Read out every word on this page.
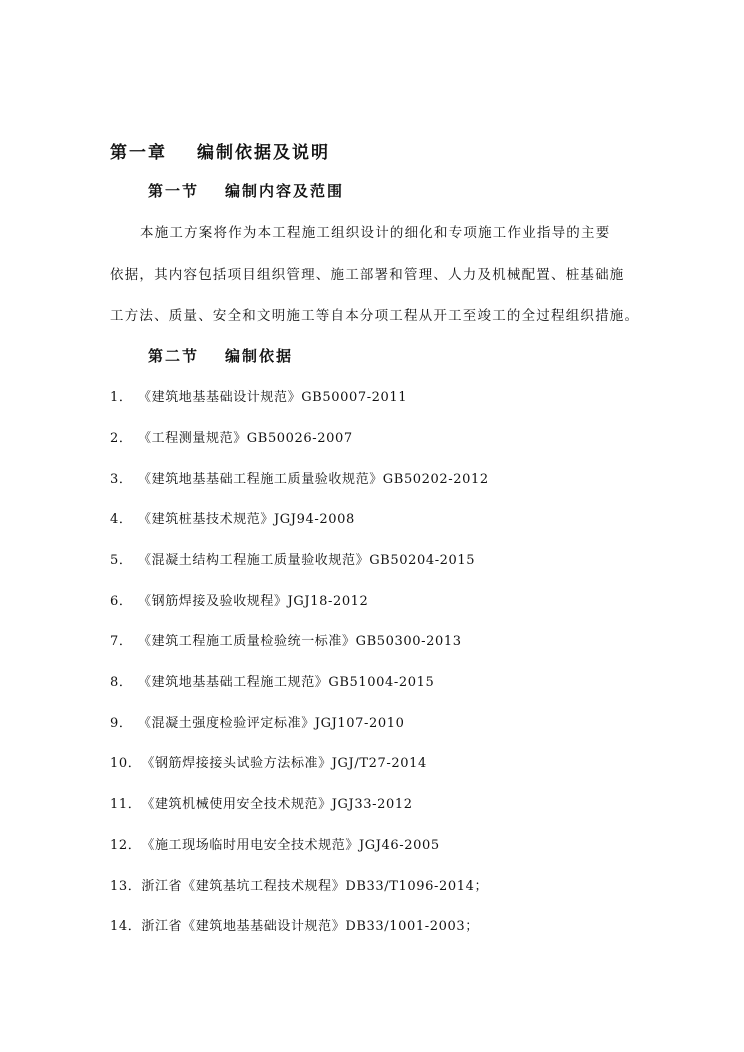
第一章 编制依据及说明
第一节 编制内容及范围
本施工方案将作为本工程施工组织设计的细化和专项施工作业指导的主要
依据，其内容包括项目组织管理、施工部署和管理、人力及机械配置、桩基础施
工方法、质量、安全和文明施工等自本分项工程从开工至竣工的全过程组织措施。
第二节 编制依据
1． 《建筑地基基础设计规范》GB50007-2011
2． 《工程测量规范》GB50026-2007
3． 《建筑地基基础工程施工质量验收规范》GB50202-2012
4． 《建筑桩基技术规范》JGJ94-2008
5． 《混凝土结构工程施工质量验收规范》GB50204-2015
6． 《钢筋焊接及验收规程》JGJ18-2012
7． 《建筑工程施工质量检验统一标准》GB50300-2013
8． 《建筑地基基础工程施工规范》GB51004-2015
9． 《混凝土强度检验评定标准》JGJ107-2010
10．《钢筋焊接接头试验方法标准》JGJ/T27-2014
11．《建筑机械使用安全技术规范》JGJ33-2012
12．《施工现场临时用电安全技术规范》JGJ46-2005
13．浙江省《建筑基坑工程技术规程》DB33/T1096-2014；
14．浙江省《建筑地基基础设计规范》DB33/1001-2003；
